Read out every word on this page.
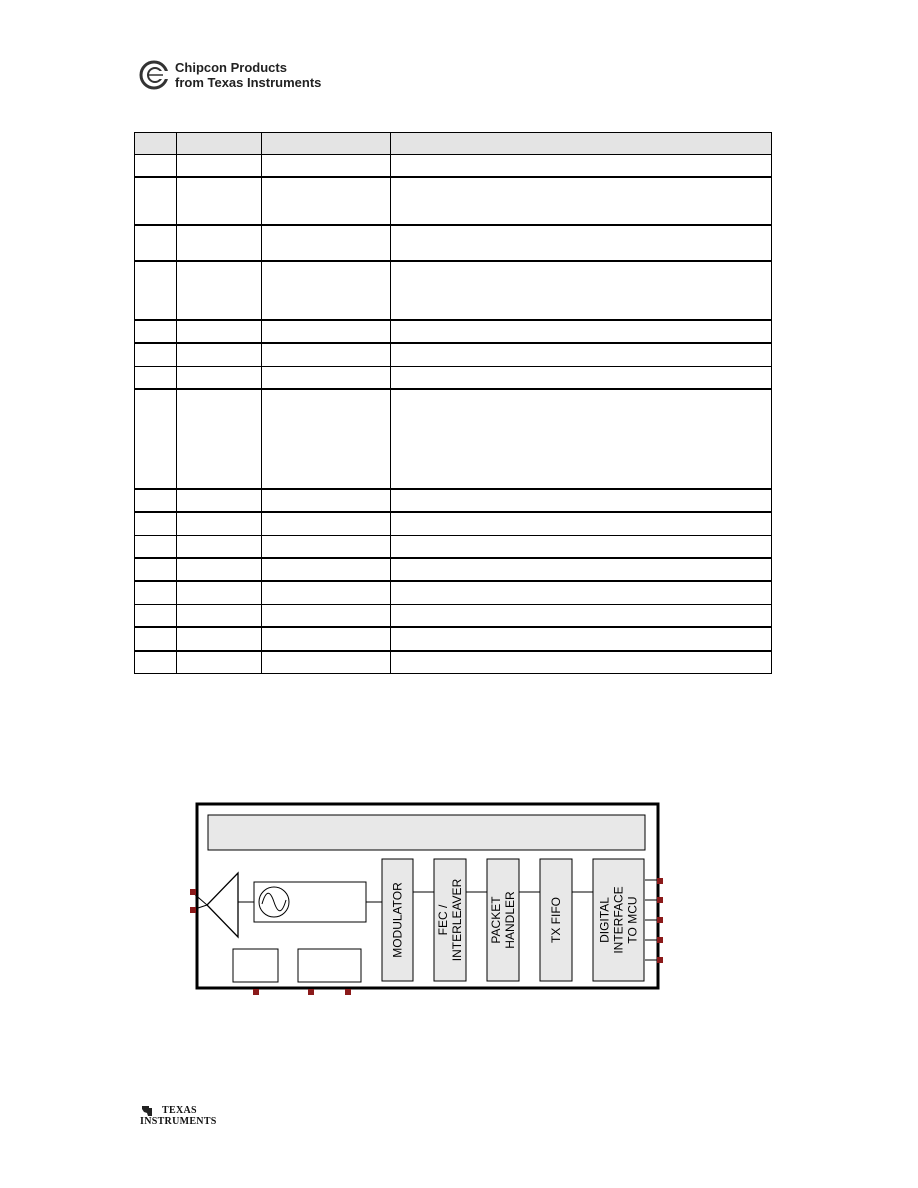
Chipcon Products
from Texas Instruments

MODULATOR	FEC / INTERLEAVER PACKET HANDLER	TX FIFO	DIGITAL INTERFACE TO MCU
TEXAS
INSTRUMENTS
